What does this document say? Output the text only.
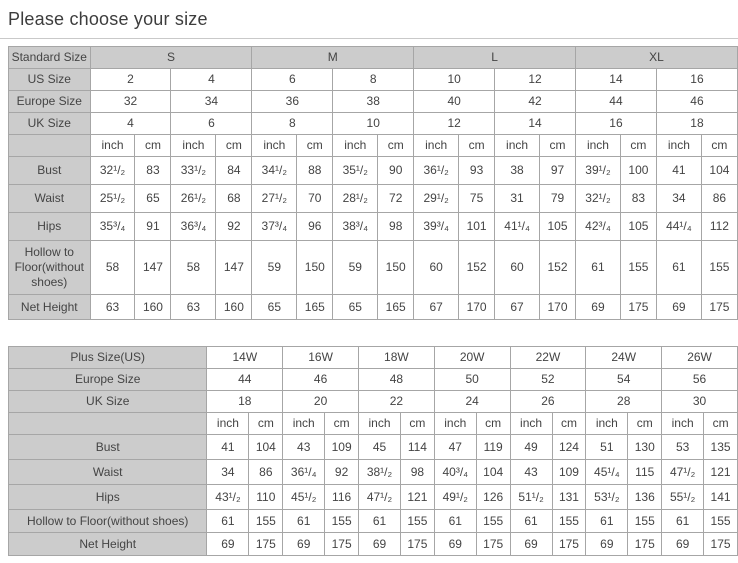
Please choose your size
Standard Size	S				M				L				XL			
US Size	2		4		6		8		10		12		14		16	
Europe Size	32		34		36		38		40		42		44		46	
UK Size	4		6		8		10		12		14		16		18	
	inch	cm	inch	cm	inch	cm	inch	cm	inch	cm	inch	cm	inch	cm	inch	cm
Bust	32¹/₂	83	33¹/₂	84	34¹/₂	88	35¹/₂	90	36¹/₂	93	38	97	39¹/₂	100	41	104
Waist	25¹/₂	65	26¹/₂	68	27¹/₂	70	28¹/₂	72	29¹/₂	75	31	79	32¹/₂	83	34	86
Hips	35³/₄	91	36³/₄	92	37³/₄	96	38³/₄	98	39³/₄	101	41¹/₄	105	42³/₄	105	44¹/₄	112
Hollow to Floor(without shoes)	58	147	58	147	59	150	59	150	60	152	60	152	61	155	61	155
Net Height	63	160	63	160	65	165	65	165	67	170	67	170	69	175	69	175
Plus Size(US)	14W		16W		18W		20W		22W		24W		26W	
Europe Size	44		46		48		50		52		54		56	
UK Size	18		20		22		24		26		28		30	
	inch	cm	inch	cm	inch	cm	inch	cm	inch	cm	inch	cm	inch	cm
Bust	41	104	43	109	45	114	47	119	49	124	51	130	53	135
Waist	34	86	36¹/₄	92	38¹/₂	98	40³/₄	104	43	109	45¹/₄	115	47¹/₂	121
Hips	43¹/₂	110	45¹/₂	116	47¹/₂	121	49¹/₂	126	51¹/₂	131	53¹/₂	136	55¹/₂	141
Hollow to Floor(without shoes)	61	155	61	155	61	155	61	155	61	155	61	155	61	155
Net Height	69	175	69	175	69	175	69	175	69	175	69	175	69	175
